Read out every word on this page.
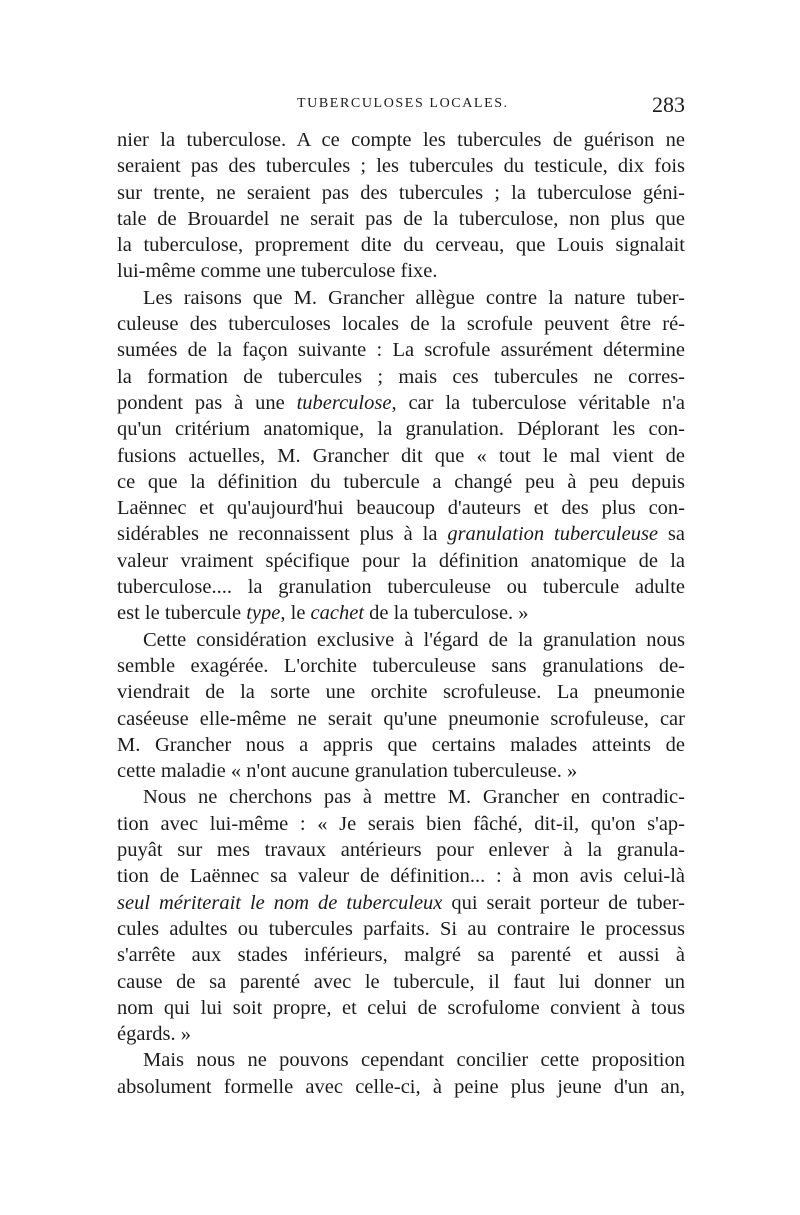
TUBERCULOSES LOCALES.	283
nier la tuberculose. A ce compte les tubercules de guérison ne
seraient pas des tubercules ; les tubercules du testicule, dix fois
sur trente, ne seraient pas des tubercules ; la tuberculose géni-
tale de Brouardel ne serait pas de la tuberculose, non plus que
la tuberculose, proprement dite du cerveau, que Louis signalait
lui-même comme une tuberculose fixe.
Les raisons que M. Grancher allègue contre la nature tuber-
culeuse des tuberculoses locales de la scrofule peuvent être ré-
sumées de la façon suivante : La scrofule assurément détermine
la formation de tubercules ; mais ces tubercules ne corres-
pondent pas à une tuberculose, car la tuberculose véritable n'a
qu'un critérium anatomique, la granulation. Déplorant les con-
fusions actuelles, M. Grancher dit que « tout le mal vient de
ce que la définition du tubercule a changé peu à peu depuis
Laënnec et qu'aujourd'hui beaucoup d'auteurs et des plus con-
sidérables ne reconnaissent plus à la granulation tuberculeuse sa
valeur vraiment spécifique pour la définition anatomique de la
tuberculose.... la granulation tuberculeuse ou tubercule adulte
est le tubercule type, le cachet de la tuberculose. »
Cette considération exclusive à l'égard de la granulation nous
semble exagérée. L'orchite tuberculeuse sans granulations de-
viendrait de la sorte une orchite scrofuleuse. La pneumonie
caséeuse elle-même ne serait qu'une pneumonie scrofuleuse, car
M. Grancher nous a appris que certains malades atteints de
cette maladie « n'ont aucune granulation tuberculeuse. »
Nous ne cherchons pas à mettre M. Grancher en contradic-
tion avec lui-même : « Je serais bien fâché, dit-il, qu'on s'ap-
puyât sur mes travaux antérieurs pour enlever à la granula-
tion de Laënnec sa valeur de définition... : à mon avis celui-là
seul mériterait le nom de tuberculeux qui serait porteur de tuber-
cules adultes ou tubercules parfaits. Si au contraire le processus
s'arrête aux stades inférieurs, malgré sa parenté et aussi à
cause de sa parenté avec le tubercule, il faut lui donner un
nom qui lui soit propre, et celui de scrofulome convient à tous
égards. »
Mais nous ne pouvons cependant concilier cette proposition
absolument formelle avec celle-ci, à peine plus jeune d'un an,
